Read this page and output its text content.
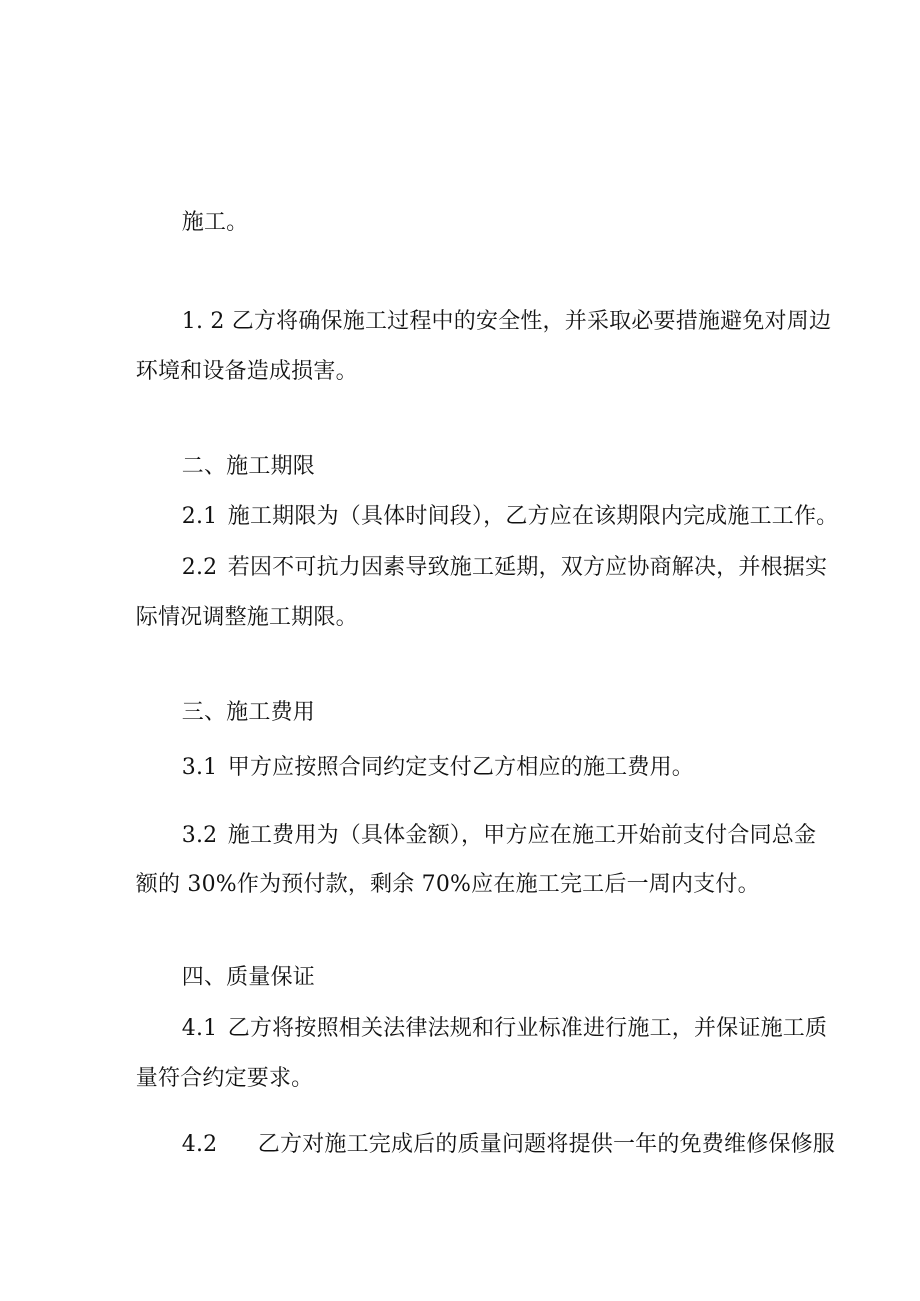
施工。

1. 2 乙方将确保施工过程中的安全性，并采取必要措施避免对周边

环境和设备造成损害。

二、施工期限

2.1 施工期限为（具体时间段），乙方应在该期限内完成施工工作。

2.2 若因不可抗力因素导致施工延期，双方应协商解决，并根据实

际情况调整施工期限。

三、施工费用

3.1 甲方应按照合同约定支付乙方相应的施工费用。

3.2 施工费用为（具体金额），甲方应在施工开始前支付合同总金

额的 30%作为预付款，剩余 70%应在施工完工后一周内支付。

四、质量保证

4.1 乙方将按照相关法律法规和行业标准进行施工，并保证施工质

量符合约定要求。

4.2 乙方对施工完成后的质量问题将提供一年的免费维修保修服
